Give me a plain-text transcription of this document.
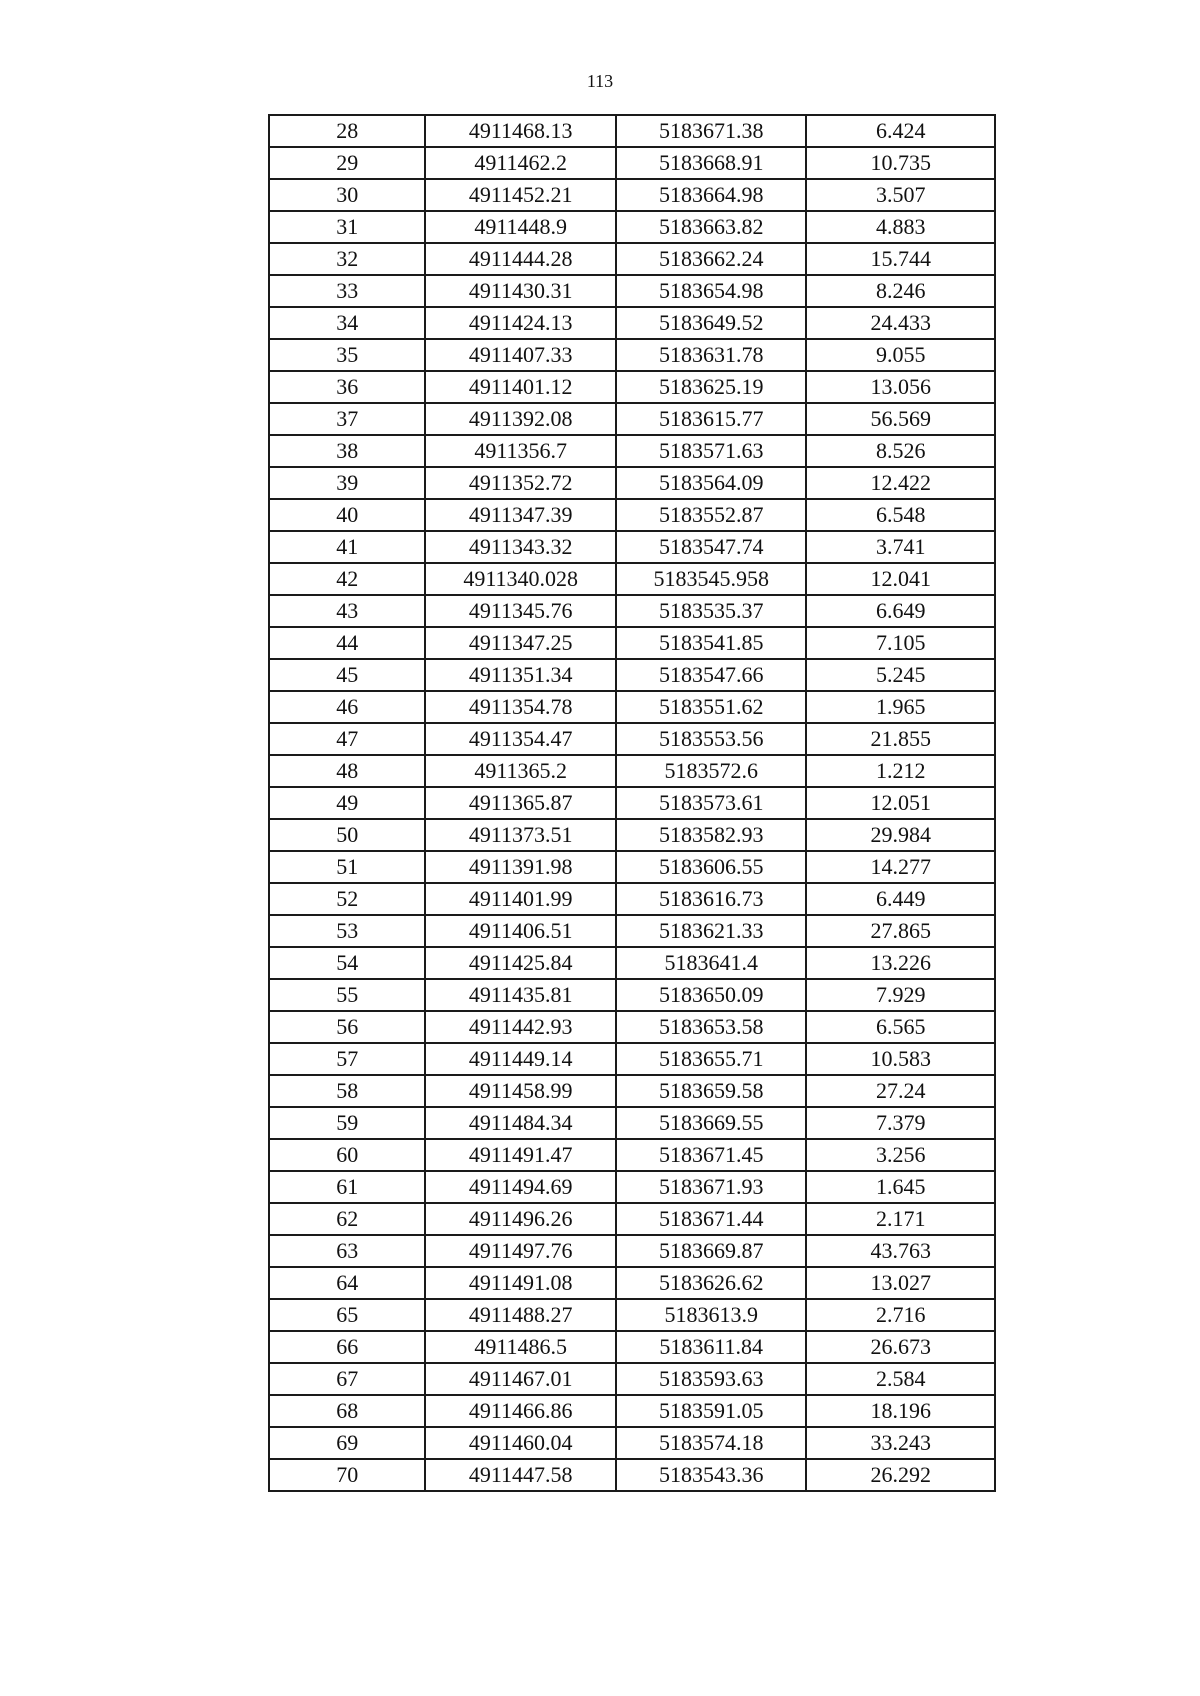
113
28	4911468.13	5183671.38	6.424
29	4911462.2	5183668.91	10.735
30	4911452.21	5183664.98	3.507
31	4911448.9	5183663.82	4.883
32	4911444.28	5183662.24	15.744
33	4911430.31	5183654.98	8.246
34	4911424.13	5183649.52	24.433
35	4911407.33	5183631.78	9.055
36	4911401.12	5183625.19	13.056
37	4911392.08	5183615.77	56.569
38	4911356.7	5183571.63	8.526
39	4911352.72	5183564.09	12.422
40	4911347.39	5183552.87	6.548
41	4911343.32	5183547.74	3.741
42	4911340.028	5183545.958	12.041
43	4911345.76	5183535.37	6.649
44	4911347.25	5183541.85	7.105
45	4911351.34	5183547.66	5.245
46	4911354.78	5183551.62	1.965
47	4911354.47	5183553.56	21.855
48	4911365.2	5183572.6	1.212
49	4911365.87	5183573.61	12.051
50	4911373.51	5183582.93	29.984
51	4911391.98	5183606.55	14.277
52	4911401.99	5183616.73	6.449
53	4911406.51	5183621.33	27.865
54	4911425.84	5183641.4	13.226
55	4911435.81	5183650.09	7.929
56	4911442.93	5183653.58	6.565
57	4911449.14	5183655.71	10.583
58	4911458.99	5183659.58	27.24
59	4911484.34	5183669.55	7.379
60	4911491.47	5183671.45	3.256
61	4911494.69	5183671.93	1.645
62	4911496.26	5183671.44	2.171
63	4911497.76	5183669.87	43.763
64	4911491.08	5183626.62	13.027
65	4911488.27	5183613.9	2.716
66	4911486.5	5183611.84	26.673
67	4911467.01	5183593.63	2.584
68	4911466.86	5183591.05	18.196
69	4911460.04	5183574.18	33.243
70	4911447.58	5183543.36	26.292
